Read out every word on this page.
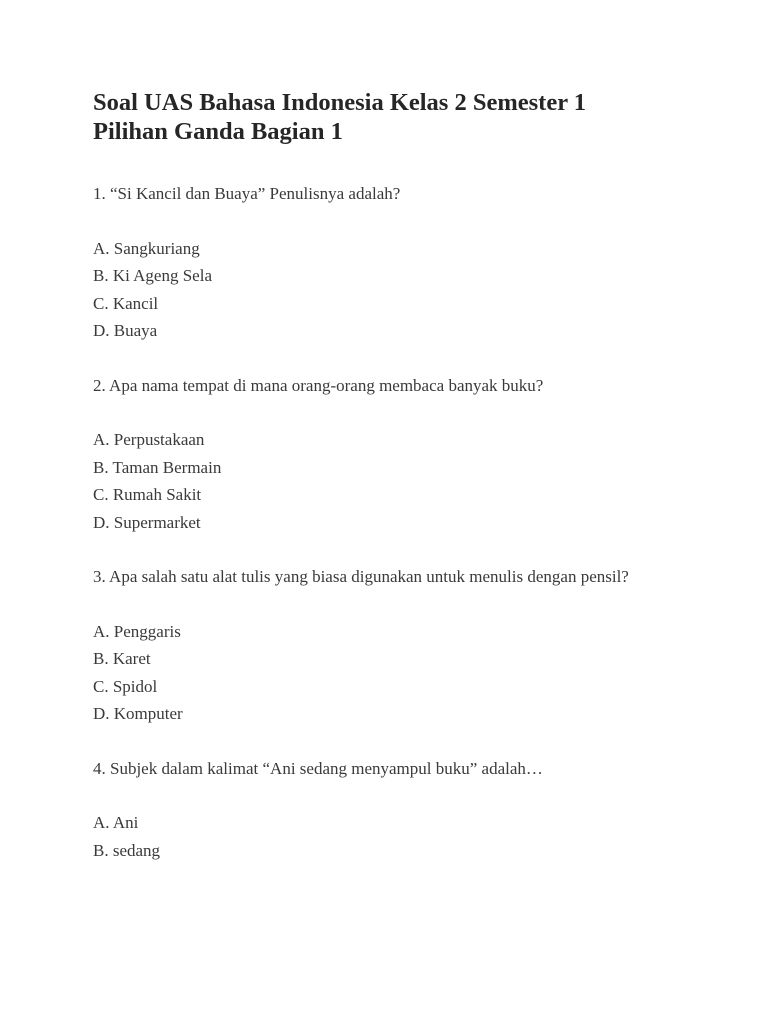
Soal UAS Bahasa Indonesia Kelas 2 Semester 1
Pilihan Ganda Bagian 1

1. “Si Kancil dan Buaya” Penulisnya adalah?

A. Sangkuriang
B. Ki Ageng Sela
C. Kancil
D. Buaya

2. Apa nama tempat di mana orang-orang membaca banyak buku?

A. Perpustakaan
B. Taman Bermain
C. Rumah Sakit
D. Supermarket

3. Apa salah satu alat tulis yang biasa digunakan untuk menulis dengan pensil?

A. Penggaris
B. Karet
C. Spidol
D. Komputer

4. Subjek dalam kalimat “Ani sedang menyampul buku” adalah…

A. Ani
B. sedang
